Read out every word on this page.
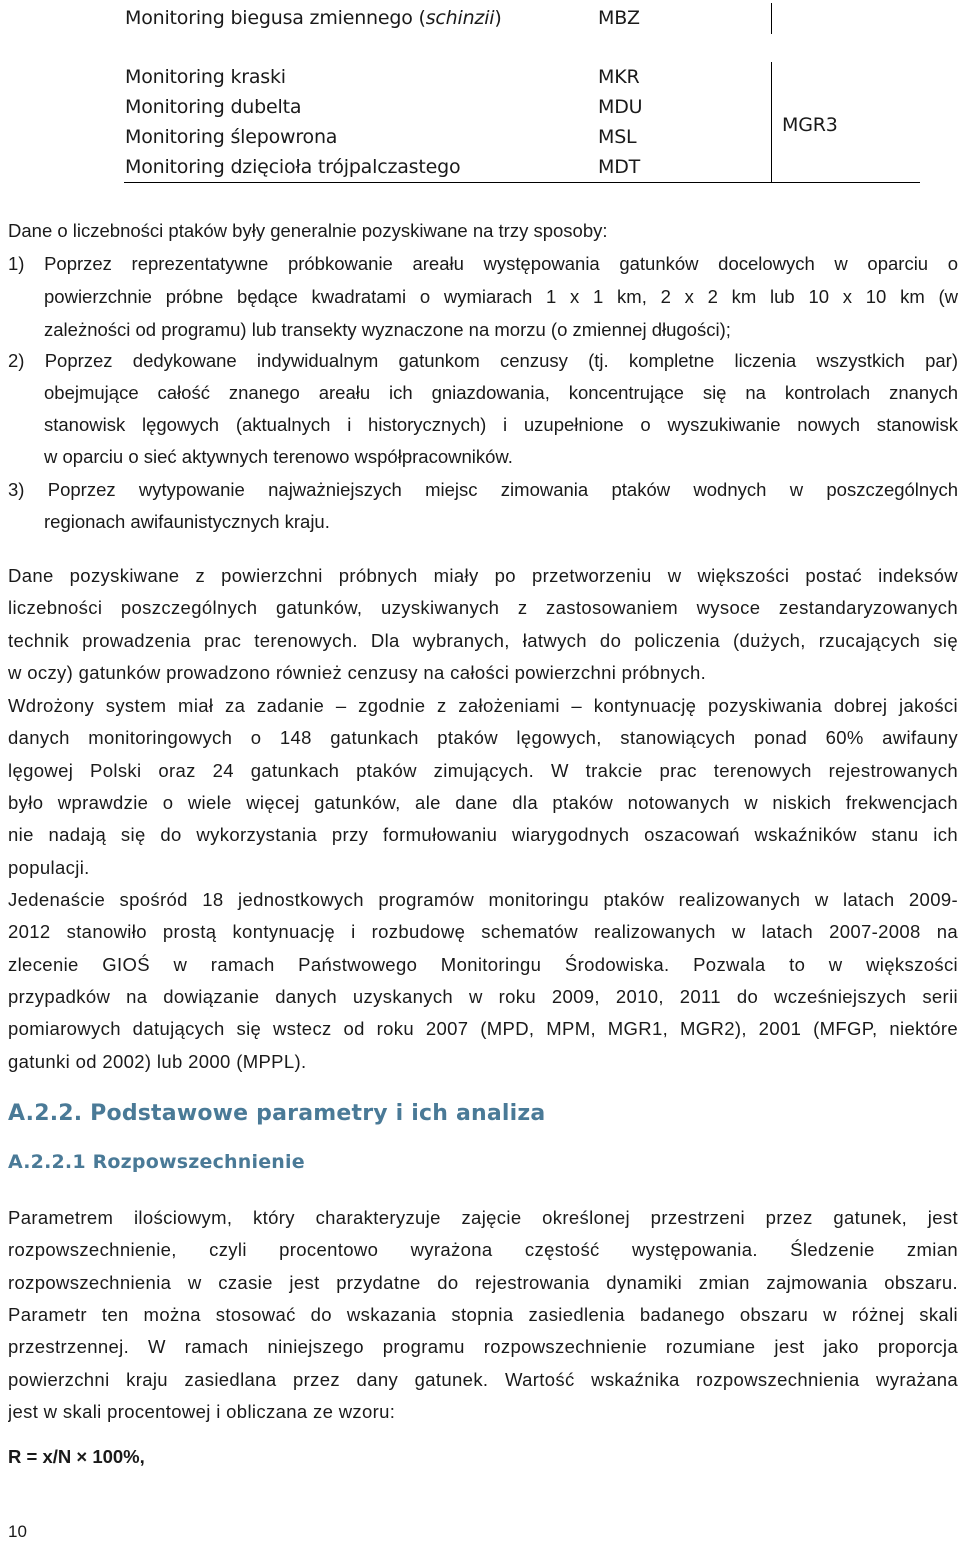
Monitoring biegusa zmiennego (schinzii)	MBZ
Monitoring kraski	MKR
Monitoring dubelta	MDU
Monitoring ślepowrona	MSL
Monitoring dzięcioła trójpalczastego	MDT
MGR3
Dane o liczebności ptaków były generalnie pozyskiwane na trzy sposoby:
1) Poprzez reprezentatywne próbkowanie areału występowania gatunków docelowych w oparciu o
powierzchnie próbne będące kwadratami o wymiarach 1 x 1 km, 2 x 2 km lub 10 x 10 km (w
zależności od programu) lub transekty wyznaczone na morzu (o zmiennej długości);
2) Poprzez dedykowane indywidualnym gatunkom cenzusy (tj. kompletne liczenia wszystkich par)
obejmujące całość znanego areału ich gniazdowania, koncentrujące się na kontrolach znanych
stanowisk lęgowych (aktualnych i historycznych) i uzupełnione o wyszukiwanie nowych stanowisk
w oparciu o sieć aktywnych terenowo współpracowników.
3) Poprzez wytypowanie najważniejszych miejsc zimowania ptaków wodnych w poszczególnych
regionach awifaunistycznych kraju.
Dane pozyskiwane z powierzchni próbnych miały po przetworzeniu w większości postać indeksów
liczebności poszczególnych gatunków, uzyskiwanych z zastosowaniem wysoce zestandaryzowanych
technik prowadzenia prac terenowych. Dla wybranych, łatwych do policzenia (dużych, rzucających się
w oczy) gatunków prowadzono również cenzusy na całości powierzchni próbnych.
Wdrożony system miał za zadanie – zgodnie z założeniami – kontynuację pozyskiwania dobrej jakości
danych monitoringowych o 148 gatunkach ptaków lęgowych, stanowiących ponad 60% awifauny
lęgowej Polski oraz 24 gatunkach ptaków zimujących. W trakcie prac terenowych rejestrowanych
było wprawdzie o wiele więcej gatunków, ale dane dla ptaków notowanych w niskich frekwencjach
nie nadają się do wykorzystania przy formułowaniu wiarygodnych oszacowań wskaźników stanu ich
populacji.
Jedenaście spośród 18 jednostkowych programów monitoringu ptaków realizowanych w latach 2009-
2012 stanowiło prostą kontynuację i rozbudowę schematów realizowanych w latach 2007-2008 na
zlecenie GIOŚ w ramach Państwowego Monitoringu Środowiska. Pozwala to w większości
przypadków na dowiązanie danych uzyskanych w roku 2009, 2010, 2011 do wcześniejszych serii
pomiarowych datujących się wstecz od roku 2007 (MPD, MPM, MGR1, MGR2), 2001 (MFGP, niektóre
gatunki od 2002) lub 2000 (MPPL).
A.2.2. Podstawowe parametry i ich analiza
A.2.2.1 Rozpowszechnienie
Parametrem ilościowym, który charakteryzuje zajęcie określonej przestrzeni przez gatunek, jest
rozpowszechnienie, czyli procentowo wyrażona częstość występowania. Śledzenie zmian
rozpowszechnienia w czasie jest przydatne do rejestrowania dynamiki zmian zajmowania obszaru.
Parametr ten można stosować do wskazania stopnia zasiedlenia badanego obszaru w różnej skali
przestrzennej. W ramach niniejszego programu rozpowszechnienie rozumiane jest jako proporcja
powierzchni kraju zasiedlana przez dany gatunek. Wartość wskaźnika rozpowszechnienia wyrażana
jest w skali procentowej i obliczana ze wzoru:
R = x/N × 100%,
10
